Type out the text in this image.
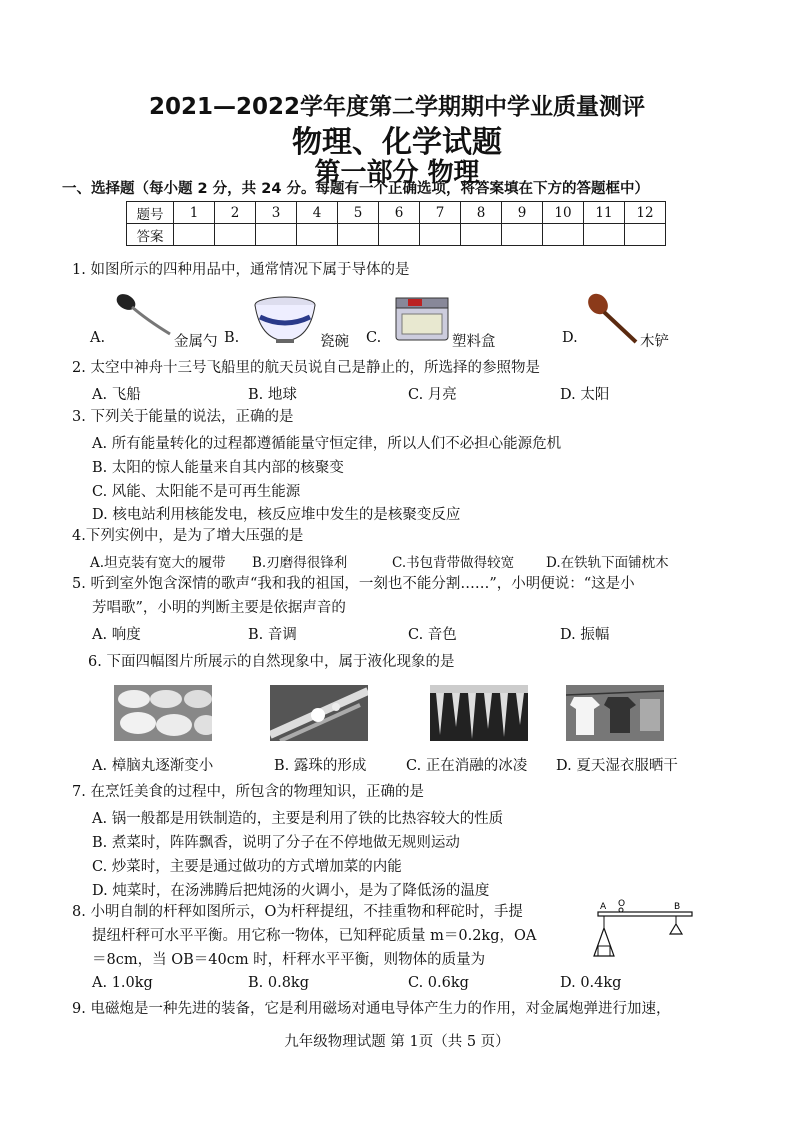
2021—2022学年度第二学期期中学业质量测评
物理、化学试题
第一部分 物理
一、选择题（每小题 2 分，共 24 分。每题有一个正确选项，将答案填在下方的答题框中）
题号	1	2	3	4	5	6	7	8	9	10	11	12
答案												
1. 如图所示的四种用品中，通常情况下属于导体的是
A.	金属勺 B.	瓷碗 C.	塑料盒	D.	木铲
2. 太空中神舟十三号飞船里的航天员说自己是静止的，所选择的参照物是
A. 飞船	B. 地球	C. 月亮	D. 太阳
3. 下列关于能量的说法，正确的是
A. 所有能量转化的过程都遵循能量守恒定律，所以人们不必担心能源危机
B. 太阳的惊人能量来自其内部的核聚变
C. 风能、太阳能不是可再生能源
D. 核电站利用核能发电，核反应堆中发生的是核聚变反应
4.下列实例中，是为了增大压强的是
A.坦克装有宽大的履带 B.刃磨得很锋利	C.书包背带做得较宽 D.在铁轨下面铺枕木
5. 听到室外饱含深情的歌声“我和我的祖国，一刻也不能分割……”，小明便说：“这是小
芳唱歌”，小明的判断主要是依据声音的
A. 响度	B. 音调	C. 音色	D. 振幅
6. 下面四幅图片所展示的自然现象中，属于液化现象的是
A. 樟脑丸逐渐变小	B. 露珠的形成	C. 正在消融的冰凌 D. 夏天湿衣服晒干
7. 在烹饪美食的过程中，所包含的物理知识，正确的是
A. 锅一般都是用铁制造的，主要是利用了铁的比热容较大的性质
B. 煮菜时，阵阵飘香，说明了分子在不停地做无规则运动
C. 炒菜时，主要是通过做功的方式增加菜的内能
D. 炖菜时，在汤沸腾后把炖汤的火调小，是为了降低汤的温度
8. 小明自制的杆秤如图所示，O为杆秤提纽，不挂重物和秤砣时，手提
提纽杆秤可水平平衡。用它称一物体，已知秤砣质量 m＝0.2kg，OA
＝8cm，当 OB＝40cm 时，杆秤水平平衡，则物体的质量为
A. 1.0kg	B. 0.8kg	C. 0.6kg	D. 0.4kg
A O	B
9. 电磁炮是一种先进的装备，它是利用磁场对通电导体产生力的作用，对金属炮弹进行加速，
九年级物理试题 第 1页（共 5 页）
